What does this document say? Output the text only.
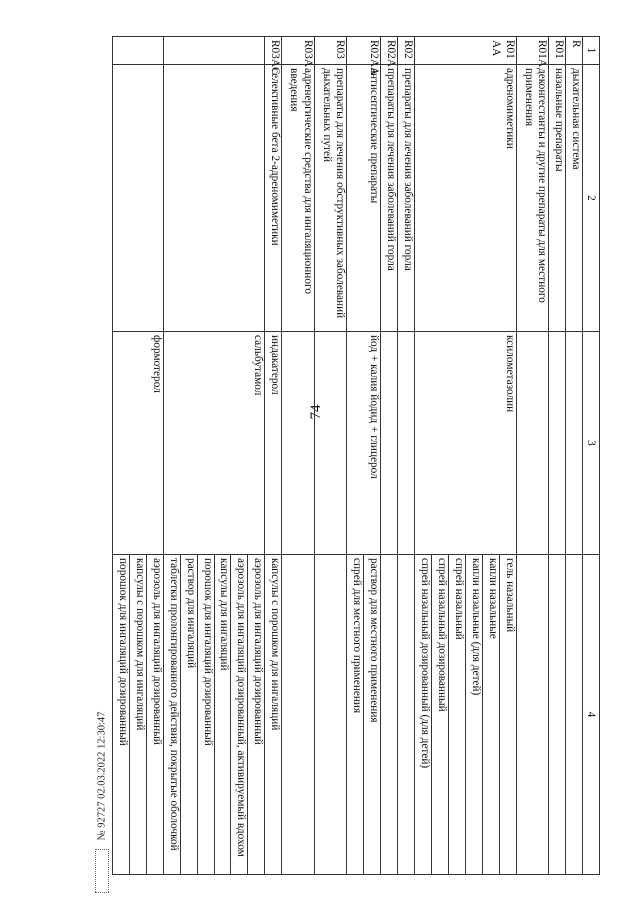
74
№ 92727 02.03.2022 12:30:47
1	2	3	4
R	дыхательная система		
R01	назальные препараты		
R01A	деконгестанты и другие препараты для местного применения		
R01 AA	адреномиметики	ксилометазолин	гель назальный
			капли назальные
			капли назальные (для детей)
			спрей назальный
			спрей назальный дозированный
			спрей назальный дозированный (для детей)
R02	препараты для лечения заболеваний горла		
R02A	препараты для лечения заболеваний горла		
R02AA	антисептические препараты	йод + калия йодид + глицерол	раствор для местного применения
			спрей для местного применения
R03	препараты для лечения обструктивных заболеваний дыхательных путей		
R03A	адренергические средства для ингаляционного введения		
R03AC	селективные бета 2-адреномиметики	индакатерол	капсулы с порошком для ингаляций
		сальбутамол	аэрозоль для ингаляций дозированный
			аэрозоль для ингаляций дозированный, активируемый вдохом
			капсулы для ингаляций
			порошок для ингаляций дозированный
			раствор для ингаляций
			таблетки пролонгированного действия, покрытые оболочкой
		формотерол	аэрозоль для ингаляций дозированный
			капсулы с порошком для ингаляций
			порошок для ингаляций дозированный
